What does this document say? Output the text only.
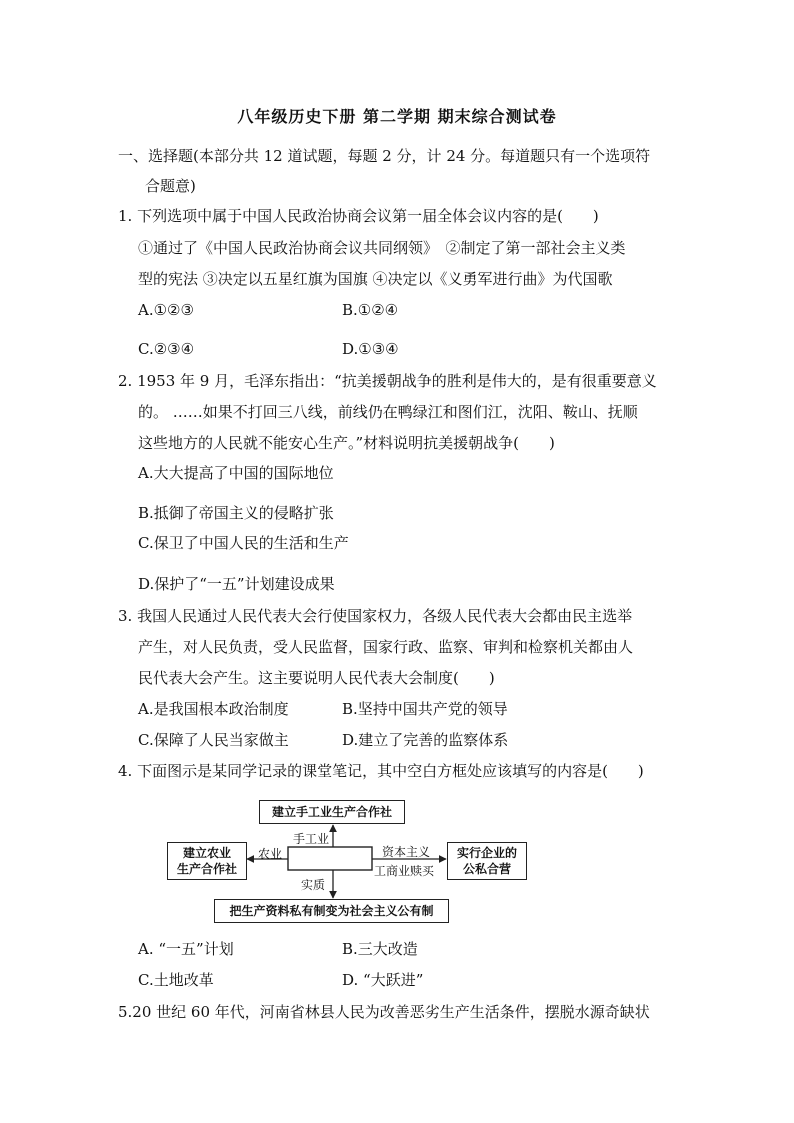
八年级历史下册 第二学期 期末综合测试卷
一、选择题(本部分共 12 道试题，每题 2 分，计 24 分。每道题只有一个选项符
合题意)
1. 下列选项中属于中国人民政治协商会议第一届全体会议内容的是(　　)
①通过了《中国人民政治协商会议共同纲领》　②制定了第一部社会主义类
型的宪法 ③决定以五星红旗为国旗 ④决定以《义勇军进行曲》为代国歌
A.①②③	B.①②④
C.②③④	D.①③④
2. 1953 年 9 月，毛泽东指出：“抗美援朝战争的胜利是伟大的，是有很重要意义
的。 ……如果不打回三八线，前线仍在鸭绿江和图们江，沈阳、鞍山、抚顺
这些地方的人民就不能安心生产。”材料说明抗美援朝战争(　　)
A.大大提高了中国的国际地位
B.抵御了帝国主义的侵略扩张
C.保卫了中国人民的生活和生产
D.保护了“一五”计划建设成果
3. 我国人民通过人民代表大会行使国家权力，各级人民代表大会都由民主选举
产生，对人民负责，受人民监督，国家行政、监察、审判和检察机关都由人
民代表大会产生。这主要说明人民代表大会制度(　　)
A.是我国根本政治制度	B.坚持中国共产党的领导
C.保障了人民当家做主	D.建立了完善的监察体系
4. 下面图示是某同学记录的课堂笔记，其中空白方框处应该填写的内容是(　　)
建立手工业生产合作社
建立农业
生产合作社
实行企业的
公私合营
把生产资料私有制变为社会主义公有制
手工业
农业	资本主义
工商业赎买
实质
A. “一五”计划	B.三大改造
C.土地改革	D. “大跃进”
5.20 世纪 60 年代，河南省林县人民为改善恶劣生产生活条件，摆脱水源奇缺状
